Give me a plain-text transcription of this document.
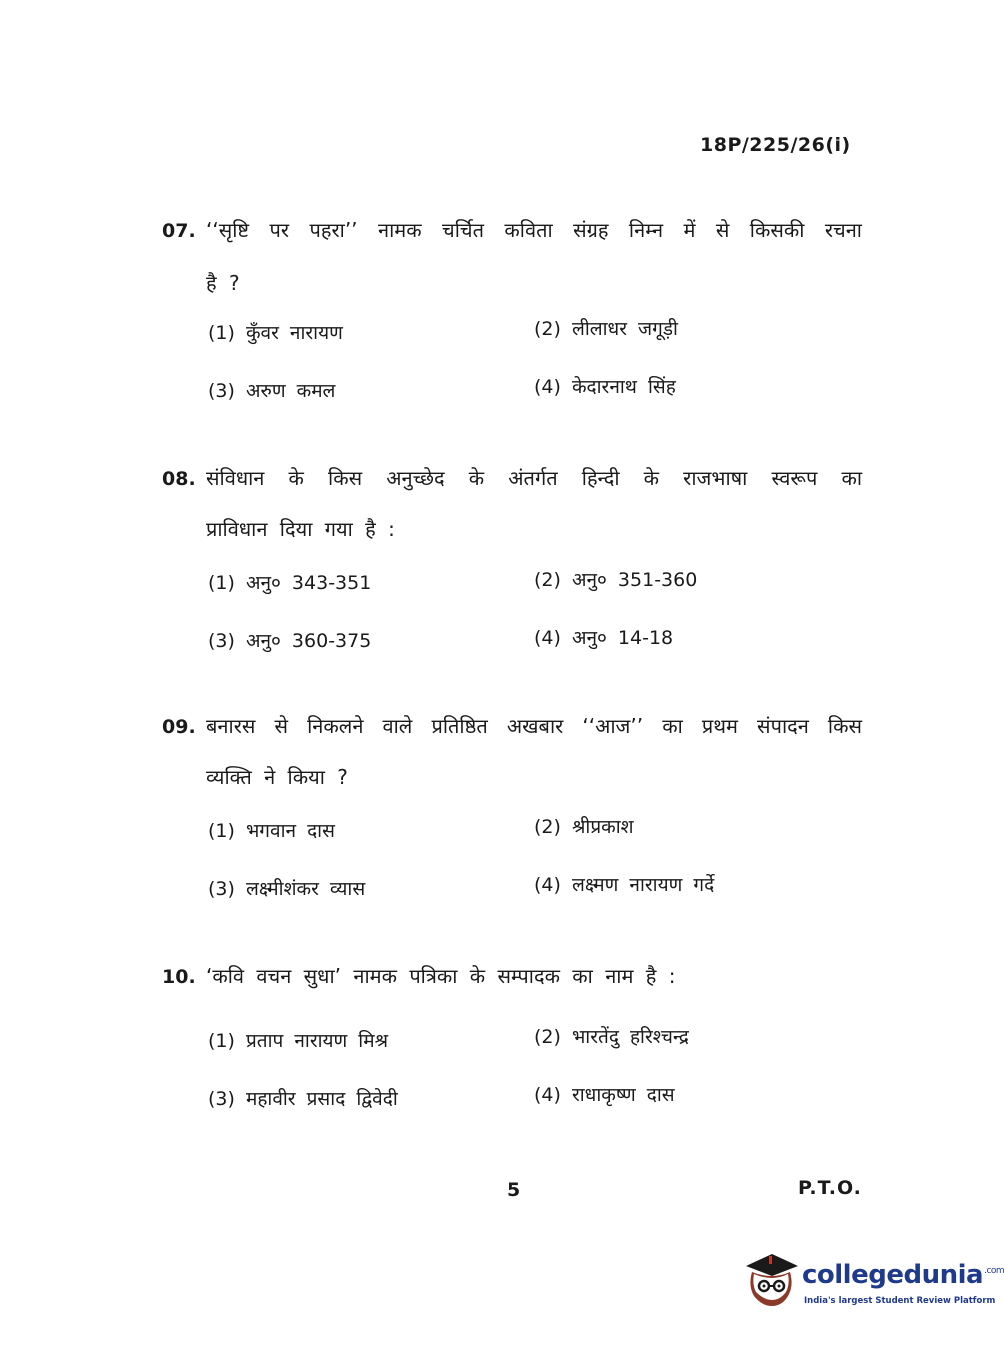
18P/225/26(i)
07. ‘‘सृष्टि पर पहरा’’ नामक चर्चित कविता संग्रह निम्न में से किसकी रचना
है ?
(1) कुँवर नारायण	(2) लीलाधर जगूड़ी
(3) अरुण कमल	(4) केदारनाथ सिंह
08. संविधान के किस अनुच्छेद के अंतर्गत हिन्दी के राजभाषा स्वरूप का
प्राविधान दिया गया है :
(1) अनु० 343-351	(2) अनु० 351-360
(3) अनु० 360-375	(4) अनु० 14-18
09. बनारस से निकलने वाले प्रतिष्ठित अखबार ‘‘आज’’ का प्रथम संपादन किस
व्यक्ति ने किया ?
(1) भगवान दास	(2) श्रीप्रकाश
(3) लक्ष्मीशंकर व्यास	(4) लक्ष्मण नारायण गर्दे
10. ‘कवि वचन सुधा’ नामक पत्रिका के सम्पादक का नाम है :
(1) प्रताप नारायण मिश्र	(2) भारतेंदु हरिश्चन्द्र
(3) महावीर प्रसाद द्विवेदी	(4) राधाकृष्ण दास
5	P.T.O.
collegedunia$^{.com}$
India's largest Student Review Platform
